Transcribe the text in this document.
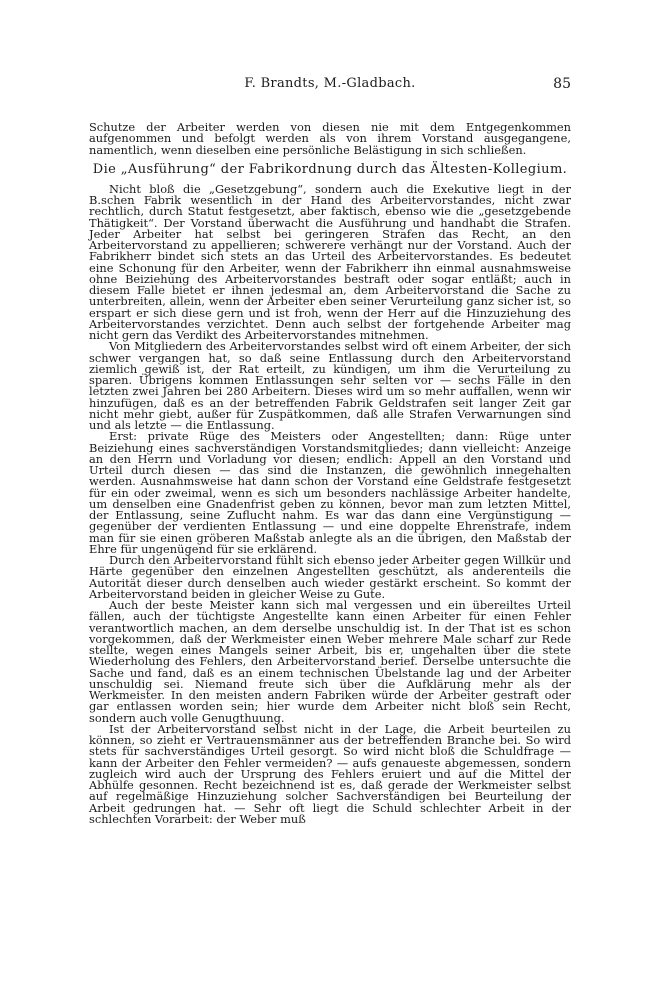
F. Brandts, M.-Gladbach.	85

Schutze der Arbeiter werden von diesen nie mit dem Entgegenkommen aufgenommen und befolgt werden als von ihrem Vorstand ausgegangene, namentlich, wenn dieselben eine persönliche Belästigung in sich schließen.

Die „Ausführung“ der Fabrikordnung durch das Ältesten-Kollegium.

Nicht bloß die „Gesetzgebung“, sondern auch die Exekutive liegt in der B.schen Fabrik wesentlich in der Hand des Arbeitervorstandes, nicht zwar rechtlich, durch Statut festgesetzt, aber faktisch, ebenso wie die „gesetzgebende Thätigkeit“. Der Vorstand überwacht die Ausführung und handhabt die Strafen. Jeder Arbeiter hat selbst bei geringeren Strafen das Recht, an den Arbeitervorstand zu appellieren; schwerere verhängt nur der Vorstand. Auch der Fabrikherr bindet sich stets an das Urteil des Arbeitervorstandes. Es bedeutet eine Schonung für den Arbeiter, wenn der Fabrikherr ihn einmal ausnahmsweise ohne Beiziehung des Arbeitervorstandes bestraft oder sogar entläßt; auch in diesem Falle bietet er ihnen jedesmal an, dem Arbeitervorstand die Sache zu unterbreiten, allein, wenn der Arbeiter eben seiner Verurteilung ganz sicher ist, so erspart er sich diese gern und ist froh, wenn der Herr auf die Hinzuziehung des Arbeitervorstandes verzichtet. Denn auch selbst der fortgehende Arbeiter mag nicht gern das Verdikt des Arbeitervorstandes mitnehmen.

Von Mitgliedern des Arbeitervorstandes selbst wird oft einem Arbeiter, der sich schwer vergangen hat, so daß seine Entlassung durch den Arbeitervorstand ziemlich gewiß ist, der Rat erteilt, zu kündigen, um ihm die Verurteilung zu sparen. Übrigens kommen Entlassungen sehr selten vor — sechs Fälle in den letzten zwei Jahren bei 280 Arbeitern. Dieses wird um so mehr auffallen, wenn wir hinzufügen, daß es an der betreffenden Fabrik Geldstrafen seit langer Zeit gar nicht mehr giebt, außer für Zuspätkommen, daß alle Strafen Verwarnungen sind und als letzte — die Entlassung.

Erst: private Rüge des Meisters oder Angestellten; dann: Rüge unter Beiziehung eines sachverständigen Vorstandsmitgliedes; dann vielleicht: Anzeige an den Herrn und Vorladung vor diesen; endlich: Appell an den Vorstand und Urteil durch diesen — das sind die Instanzen, die gewöhnlich innegehalten werden. Ausnahmsweise hat dann schon der Vorstand eine Geldstrafe festgesetzt für ein oder zweimal, wenn es sich um besonders nachlässige Arbeiter handelte, um denselben eine Gnadenfrist geben zu können, bevor man zum letzten Mittel, der Entlassung, seine Zuflucht nahm. Es war das dann eine Vergünstigung — gegenüber der verdienten Entlassung — und eine doppelte Ehrenstrafe, indem man für sie einen gröberen Maßstab anlegte als an die übrigen, den Maßstab der Ehre für ungenügend für sie erklärend.

Durch den Arbeitervorstand fühlt sich ebenso jeder Arbeiter gegen Willkür und Härte gegenüber den einzelnen Angestellten geschützt, als anderenteils die Autorität dieser durch denselben auch wieder gestärkt erscheint. So kommt der Arbeitervorstand beiden in gleicher Weise zu Gute.

Auch der beste Meister kann sich mal vergessen und ein übereiltes Urteil fällen, auch der tüchtigste Angestellte kann einen Arbeiter für einen Fehler verantwortlich machen, an dem derselbe unschuldig ist. In der That ist es schon vorgekommen, daß der Werkmeister einen Weber mehrere Male scharf zur Rede stellte, wegen eines Mangels seiner Arbeit, bis er, ungehalten über die stete Wiederholung des Fehlers, den Arbeitervorstand berief. Derselbe untersuchte die Sache und fand, daß es an einem technischen Übelstande lag und der Arbeiter unschuldig sei. Niemand freute sich über die Aufklärung mehr als der Werkmeister. In den meisten andern Fabriken würde der Arbeiter gestraft oder gar entlassen worden sein; hier wurde dem Arbeiter nicht bloß sein Recht, sondern auch volle Genugthuung.

Ist der Arbeitervorstand selbst nicht in der Lage, die Arbeit beurteilen zu können, so zieht er Vertrauensmänner aus der betreffenden Branche bei. So wird stets für sachverständiges Urteil gesorgt. So wird nicht bloß die Schuldfrage — kann der Arbeiter den Fehler vermeiden? — aufs genaueste abgemessen, sondern zugleich wird auch der Ursprung des Fehlers eruiert und auf die Mittel der Abhülfe gesonnen. Recht bezeichnend ist es, daß gerade der Werkmeister selbst auf regelmäßige Hinzuziehung solcher Sachverständigen bei Beurteilung der Arbeit gedrungen hat. — Sehr oft liegt die Schuld schlechter Arbeit in der schlechten Vorarbeit: der Weber muß
